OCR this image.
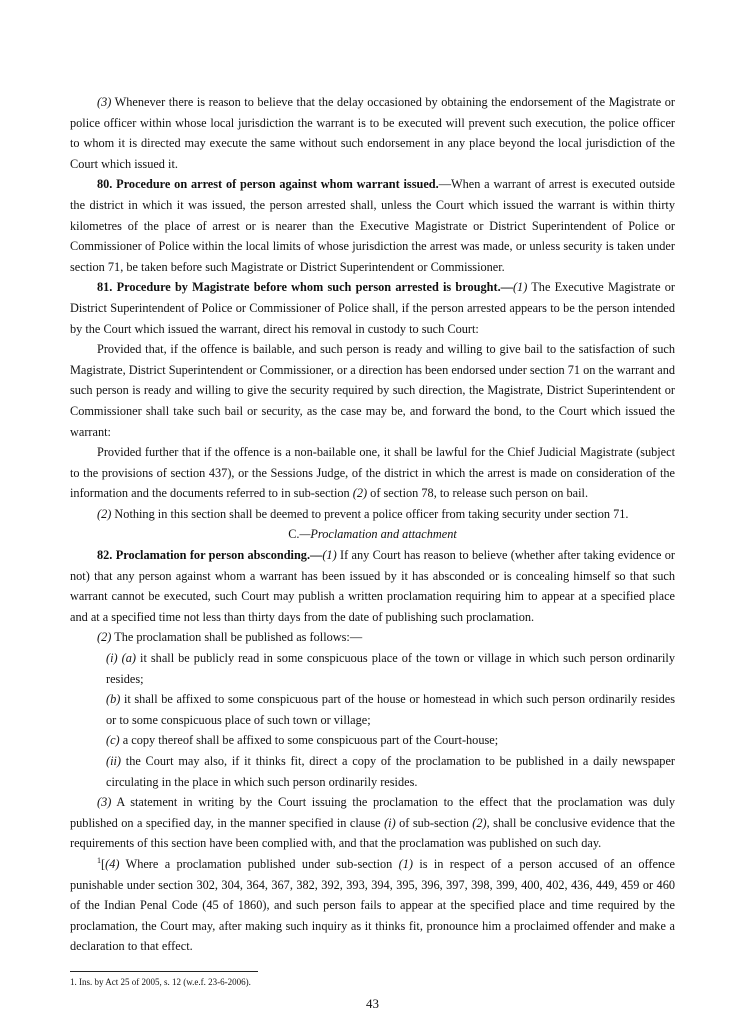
(3) Whenever there is reason to believe that the delay occasioned by obtaining the endorsement of the Magistrate or police officer within whose local jurisdiction the warrant is to be executed will prevent such execution, the police officer to whom it is directed may execute the same without such endorsement in any place beyond the local jurisdiction of the Court which issued it.

80. Procedure on arrest of person against whom warrant issued.—When a warrant of arrest is executed outside the district in which it was issued, the person arrested shall, unless the Court which issued the warrant is within thirty kilometres of the place of arrest or is nearer than the Executive Magistrate or District Superintendent of Police or Commissioner of Police within the local limits of whose jurisdiction the arrest was made, or unless security is taken under section 71, be taken before such Magistrate or District Superintendent or Commissioner.

81. Procedure by Magistrate before whom such person arrested is brought.—(1) The Executive Magistrate or District Superintendent of Police or Commissioner of Police shall, if the person arrested appears to be the person intended by the Court which issued the warrant, direct his removal in custody to such Court:

Provided that, if the offence is bailable, and such person is ready and willing to give bail to the satisfaction of such Magistrate, District Superintendent or Commissioner, or a direction has been endorsed under section 71 on the warrant and such person is ready and willing to give the security required by such direction, the Magistrate, District Superintendent or Commissioner shall take such bail or security, as the case may be, and forward the bond, to the Court which issued the warrant:

Provided further that if the offence is a non-bailable one, it shall be lawful for the Chief Judicial Magistrate (subject to the provisions of section 437), or the Sessions Judge, of the district in which the arrest is made on consideration of the information and the documents referred to in sub-section (2) of section 78, to release such person on bail.

(2) Nothing in this section shall be deemed to prevent a police officer from taking security under section 71.

C.—Proclamation and attachment

82. Proclamation for person absconding.—(1) If any Court has reason to believe (whether after taking evidence or not) that any person against whom a warrant has been issued by it has absconded or is concealing himself so that such warrant cannot be executed, such Court may publish a written proclamation requiring him to appear at a specified place and at a specified time not less than thirty days from the date of publishing such proclamation.

(2) The proclamation shall be published as follows:—

(i) (a) it shall be publicly read in some conspicuous place of the town or village in which such person ordinarily resides;

(b) it shall be affixed to some conspicuous part of the house or homestead in which such person ordinarily resides or to some conspicuous place of such town or village;

(c) a copy thereof shall be affixed to some conspicuous part of the Court-house;

(ii) the Court may also, if it thinks fit, direct a copy of the proclamation to be published in a daily newspaper circulating in the place in which such person ordinarily resides.

(3) A statement in writing by the Court issuing the proclamation to the effect that the proclamation was duly published on a specified day, in the manner specified in clause (i) of sub-section (2), shall be conclusive evidence that the requirements of this section have been complied with, and that the proclamation was published on such day.

$^1$[(4) Where a proclamation published under sub-section (1) is in respect of a person accused of an offence punishable under section 302, 304, 364, 367, 382, 392, 393, 394, 395, 396, 397, 398, 399, 400, 402, 436, 449, 459 or 460 of the Indian Penal Code (45 of 1860), and such person fails to appear at the specified place and time required by the proclamation, the Court may, after making such inquiry as it thinks fit, pronounce him a proclaimed offender and make a declaration to that effect.

1. Ins. by Act 25 of 2005, s. 12 (w.e.f. 23-6-2006).

43
